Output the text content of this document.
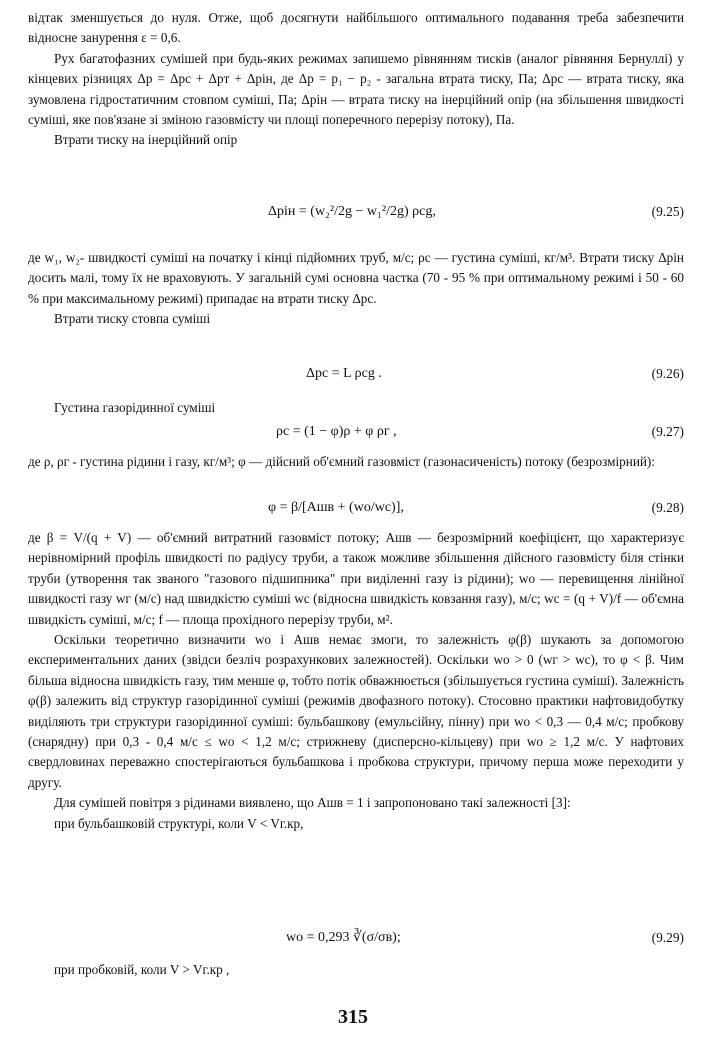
відтак зменшується до нуля. Отже, щоб досягнути найбільшого оптимального подавання треба забезпечити відносне занурення ε = 0,6.

Рух багатофазних сумішей при будь-яких режимах запишемо рівнянням тисків (аналог рівняння Бернуллі) у кінцевих різницях Δp = Δpс + Δpт + Δpін, де Δp = p₁ − p₂ - загальна втрата тиску, Па; Δpс — втрата тиску, яка зумовлена гідростатичним стовпом суміші, Па; Δpін — втрата тиску на інерційний опір (на збільшення швидкості суміші, яке пов'язане зі зміною газовмісту чи площі поперечного перерізу потоку), Па.

Втрати тиску на інерційний опір

Δpін = (w₂²/2g − w₁²/2g) ρсg,	(9.25)

де w₁, w₂- швидкості суміші на початку і кінці підйомних труб, м/с; ρс — густина суміші, кг/м³. Втрати тиску Δpін досить малі, тому їх не враховують. У загальній сумі основна частка (70 - 95 % при оптимальному режимі і 50 - 60 % при максимальному режимі) припадає на втрати тиску Δpс.

Втрати тиску стовпа суміші

Δpс = L ρсg .	(9.26)

Густина газорідинної суміші

ρс = (1 − φ)ρ + φ ρг ,	(9.27)

де ρ, ρг - густина рідини і газу, кг/м³; φ — дійсний об'ємний газовміст (газонасиченість) потоку (безрозмірний):

φ = β/[Aшв + (wо/wс)],	(9.28)

де β = V/(q + V) — об'ємний витратний газовміст потоку; Aшв — безрозмірний коефіцієнт, що характеризує нерівномірний профіль швидкості по радіусу труби, а також можливе збільшення дійсного газовмісту біля стінки труби (утворення так званого "газового підшипника" при виділенні газу із рідини); wо — перевищення лінійної швидкості газу wг (м/с) над швидкістю суміші wс (відносна швидкість ковзання газу), м/с; wс = (q + V)/f — об'ємна швидкість суміші, м/с; f — площа прохідного перерізу труби, м².

Оскільки теоретично визначити wо і Aшв немає змоги, то залежність φ(β) шукають за допомогою експериментальних даних (звідси безліч розрахункових залежностей). Оскільки wо > 0 (wг > wс), то φ < β. Чим більша відносна швидкість газу, тим менше φ, тобто потік обважнюється (збільшується густина суміші). Залежність φ(β) залежить від структур газорідинної суміші (режимів двофазного потоку). Стосовно практики нафтовидобутку виділяють три структури газорідинної суміші: бульбашкову (емульсійну, пінну) при wо < 0,3 — 0,4 м/с; пробкову (снарядну) при 0,3 - 0,4 м/с ≤ wо < 1,2 м/с; стрижневу (дисперсно-кільцеву) при wо ≥ 1,2 м/с. У нафтових свердловинах переважно спостерігаються бульбашкова і пробкова структури, причому перша може переходити у другу.

Для сумішей повітря з рідинами виявлено, що Aшв = 1 і запропоновано такі залежності [3]:

при бульбашковій структурі, коли V < Vг.кр,

wо = 0,293 ∛(σ/σв);	(9.29)

при пробковій, коли V > Vг.кр ,

315
